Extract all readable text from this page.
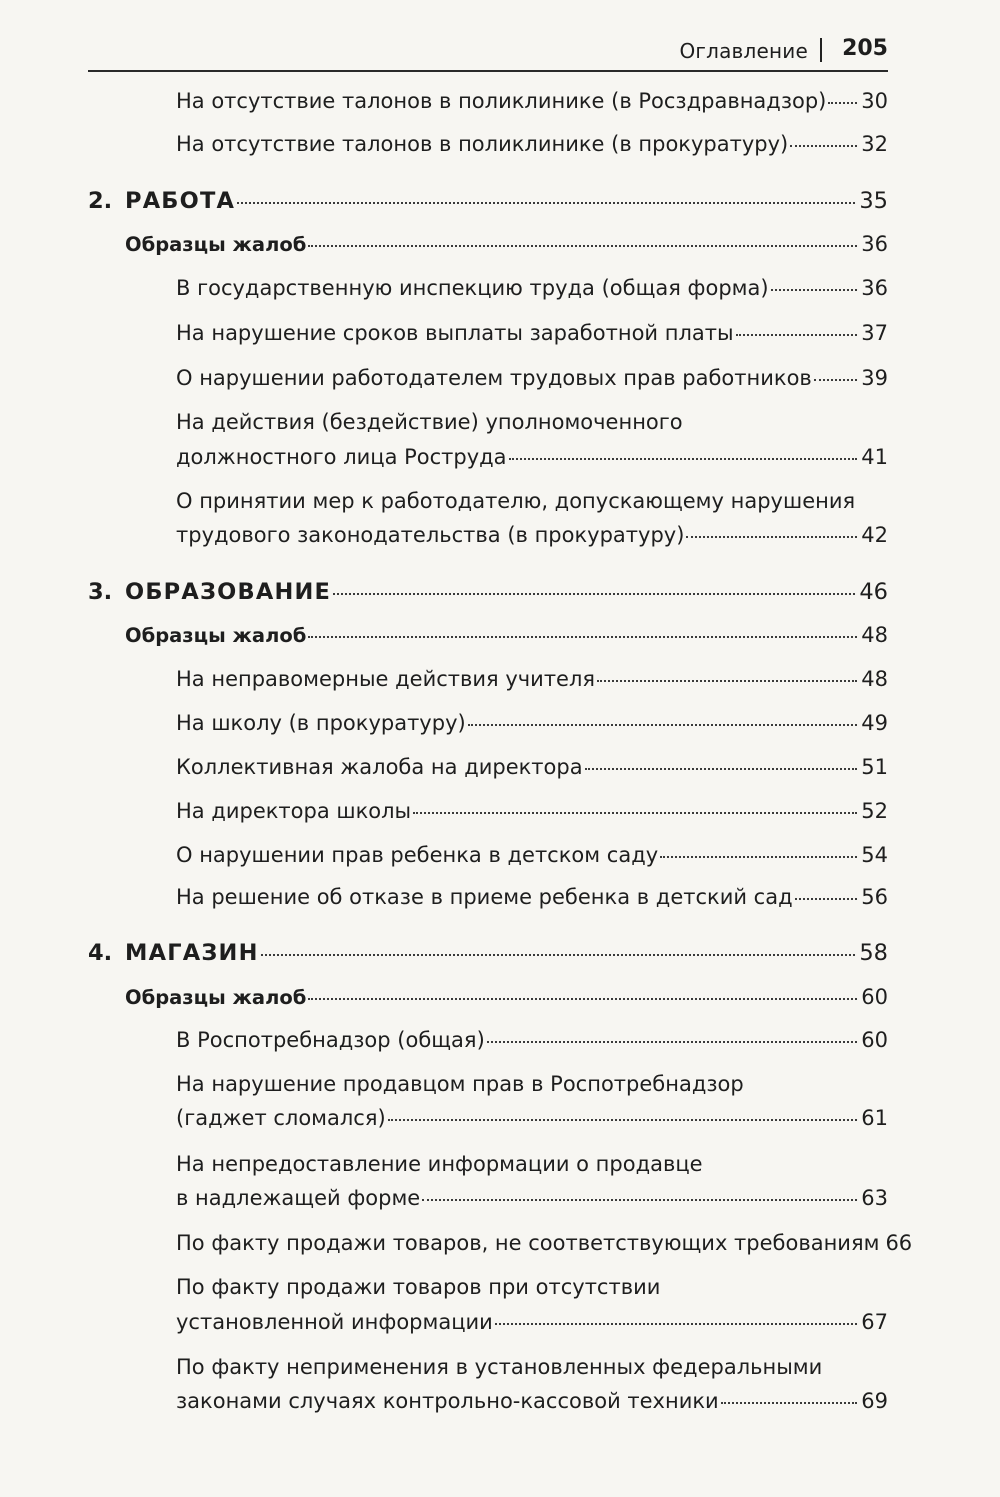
Оглавление 205
На отсутствие талонов в поликлинике (в Росздравнадзор) 30
На отсутствие талонов в поликлинике (в прокуратуру)	32
2. РАБОТА	35
Образцы жалоб	36
В государственную инспекцию труда (общая форма)	36
На нарушение сроков выплаты заработной платы	37
О нарушении работодателем трудовых прав работников 39
На действия (бездействие) уполномоченного
должностного лица Роструда	41
О принятии мер к работодателю, допускающему нарушения
трудового законодательства (в прокуратуру)	42
3. ОБРАЗОВАНИЕ	46
Образцы жалоб	48
На неправомерные действия учителя	48
На школу (в прокуратуру)	49
Коллективная жалоба на директора	51
На директора школы	52
О нарушении прав ребенка в детском саду	54
На решение об отказе в приеме ребенка в детский сад	56
4. МАГАЗИН	58
Образцы жалоб	60
В Роспотребнадзор (общая)	60
На нарушение продавцом прав в Роспотребнадзор
(гаджет сломался)	61
На непредоставление информации о продавце
в надлежащей форме	63
По факту продажи товаров, не соответствующих требованиям 66
По факту продажи товаров при отсутствии
установленной информации	67
По факту неприменения в установленных федеральными
законами случаях контрольно-кассовой техники	69
